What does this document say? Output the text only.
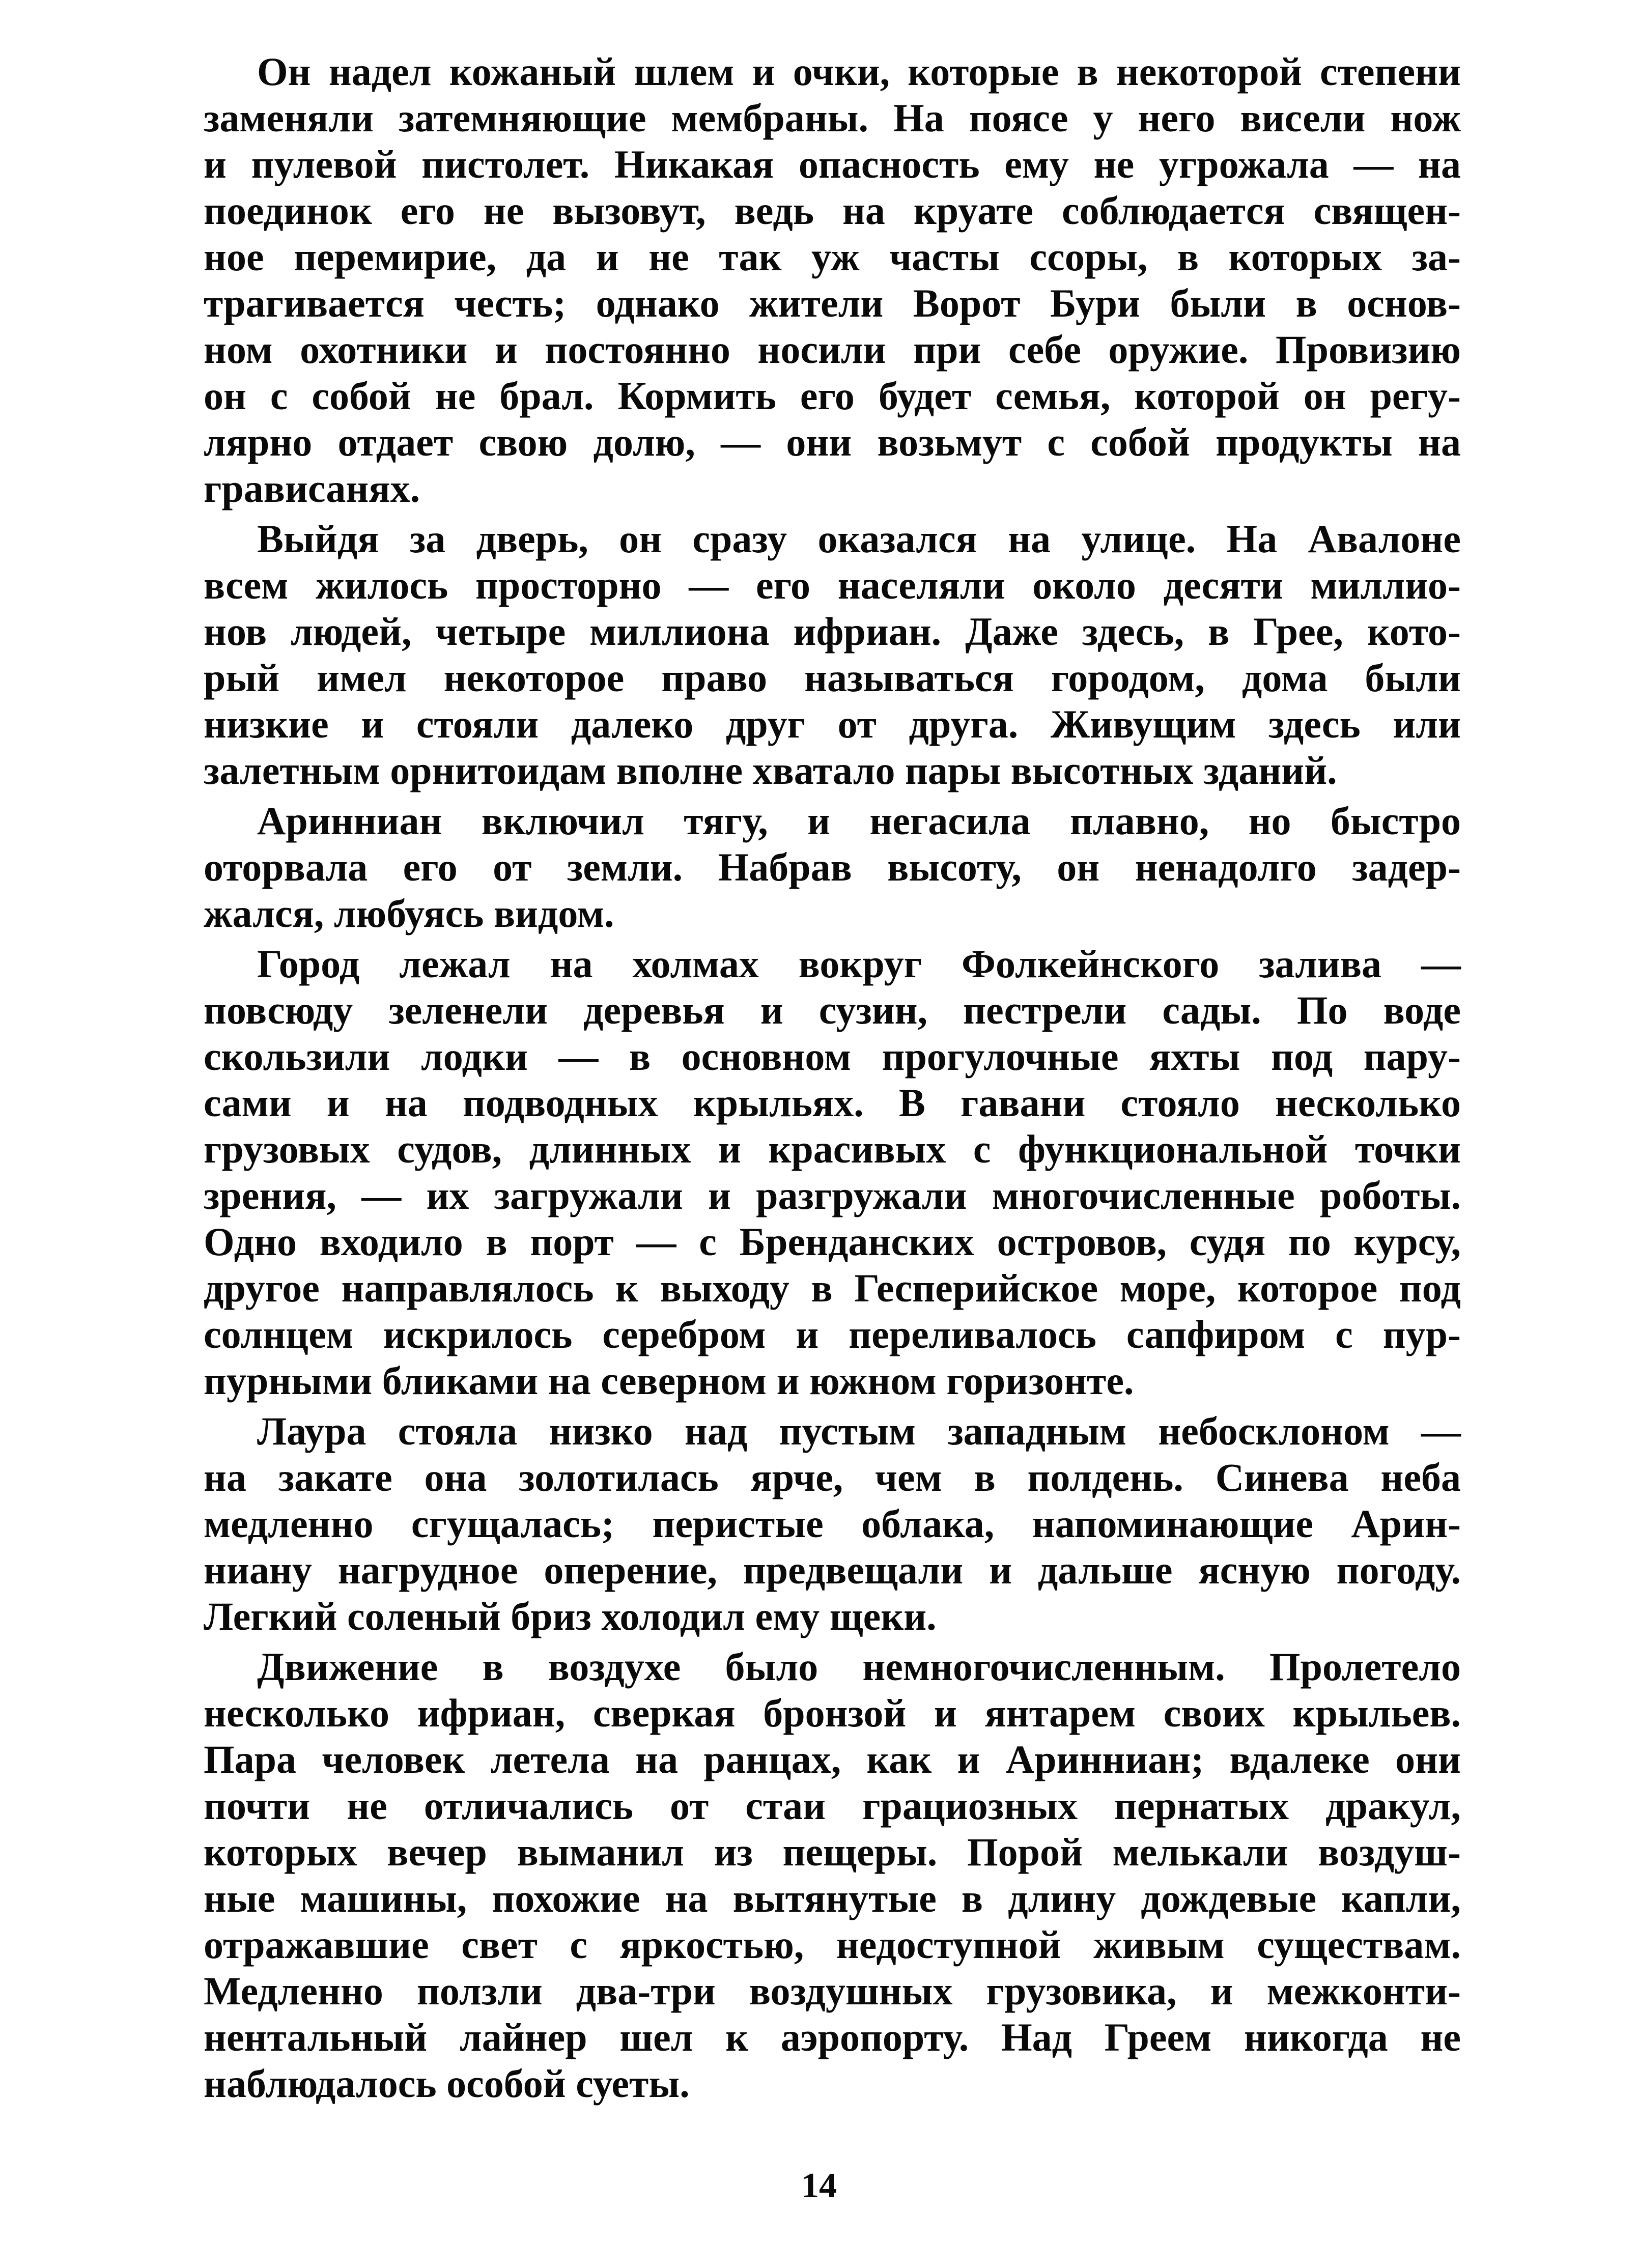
Он надел кожаный шлем и очки, которые в некоторой степени
заменяли затемняющие мембраны. На поясе у него висели нож
и пулевой пистолет. Никакая опасность ему не угрожала — на
поединок его не вызовут, ведь на круате соблюдается священ-
ное перемирие, да и не так уж часты ссоры, в которых за-
трагивается честь; однако жители Ворот Бури были в основ-
ном охотники и постоянно носили при себе оружие. Провизию
он с собой не брал. Кормить его будет семья, которой он регу-
лярно отдает свою долю, — они возьмут с собой продукты на
грависанях.
Выйдя за дверь, он сразу оказался на улице. На Авалоне
всем жилось просторно — его населяли около десяти миллио-
нов людей, четыре миллиона ифриан. Даже здесь, в Грее, кото-
рый имел некоторое право называться городом, дома были
низкие и стояли далеко друг от друга. Живущим здесь или
залетным орнитоидам вполне хватало пары высотных зданий.
Аринниан включил тягу, и негасила плавно, но быстро
оторвала его от земли. Набрав высоту, он ненадолго задер-
жался, любуясь видом.
Город лежал на холмах вокруг Фолкейнского залива —
повсюду зеленели деревья и сузин, пестрели сады. По воде
скользили лодки — в основном прогулочные яхты под пару-
сами и на подводных крыльях. В гавани стояло несколько
грузовых судов, длинных и красивых с функциональной точки
зрения, — их загружали и разгружали многочисленные роботы.
Одно входило в порт — с Бренданских островов, судя по курсу,
другое направлялось к выходу в Гесперийское море, которое под
солнцем искрилось серебром и переливалось сапфиром с пур-
пурными бликами на северном и южном горизонте.
Лаура стояла низко над пустым западным небосклоном —
на закате она золотилась ярче, чем в полдень. Синева неба
медленно сгущалась; перистые облака, напоминающие Арин-
ниану нагрудное оперение, предвещали и дальше ясную погоду.
Легкий соленый бриз холодил ему щеки.
Движение в воздухе было немногочисленным. Пролетело
несколько ифриан, сверкая бронзой и янтарем своих крыльев.
Пара человек летела на ранцах, как и Аринниан; вдалеке они
почти не отличались от стаи грациозных пернатых дракул,
которых вечер выманил из пещеры. Порой мелькали воздуш-
ные машины, похожие на вытянутые в длину дождевые капли,
отражавшие свет с яркостью, недоступной живым существам.
Медленно ползли два-три воздушных грузовика, и межконти-
нентальный лайнер шел к аэропорту. Над Греем никогда не
наблюдалось особой суеты.
14
